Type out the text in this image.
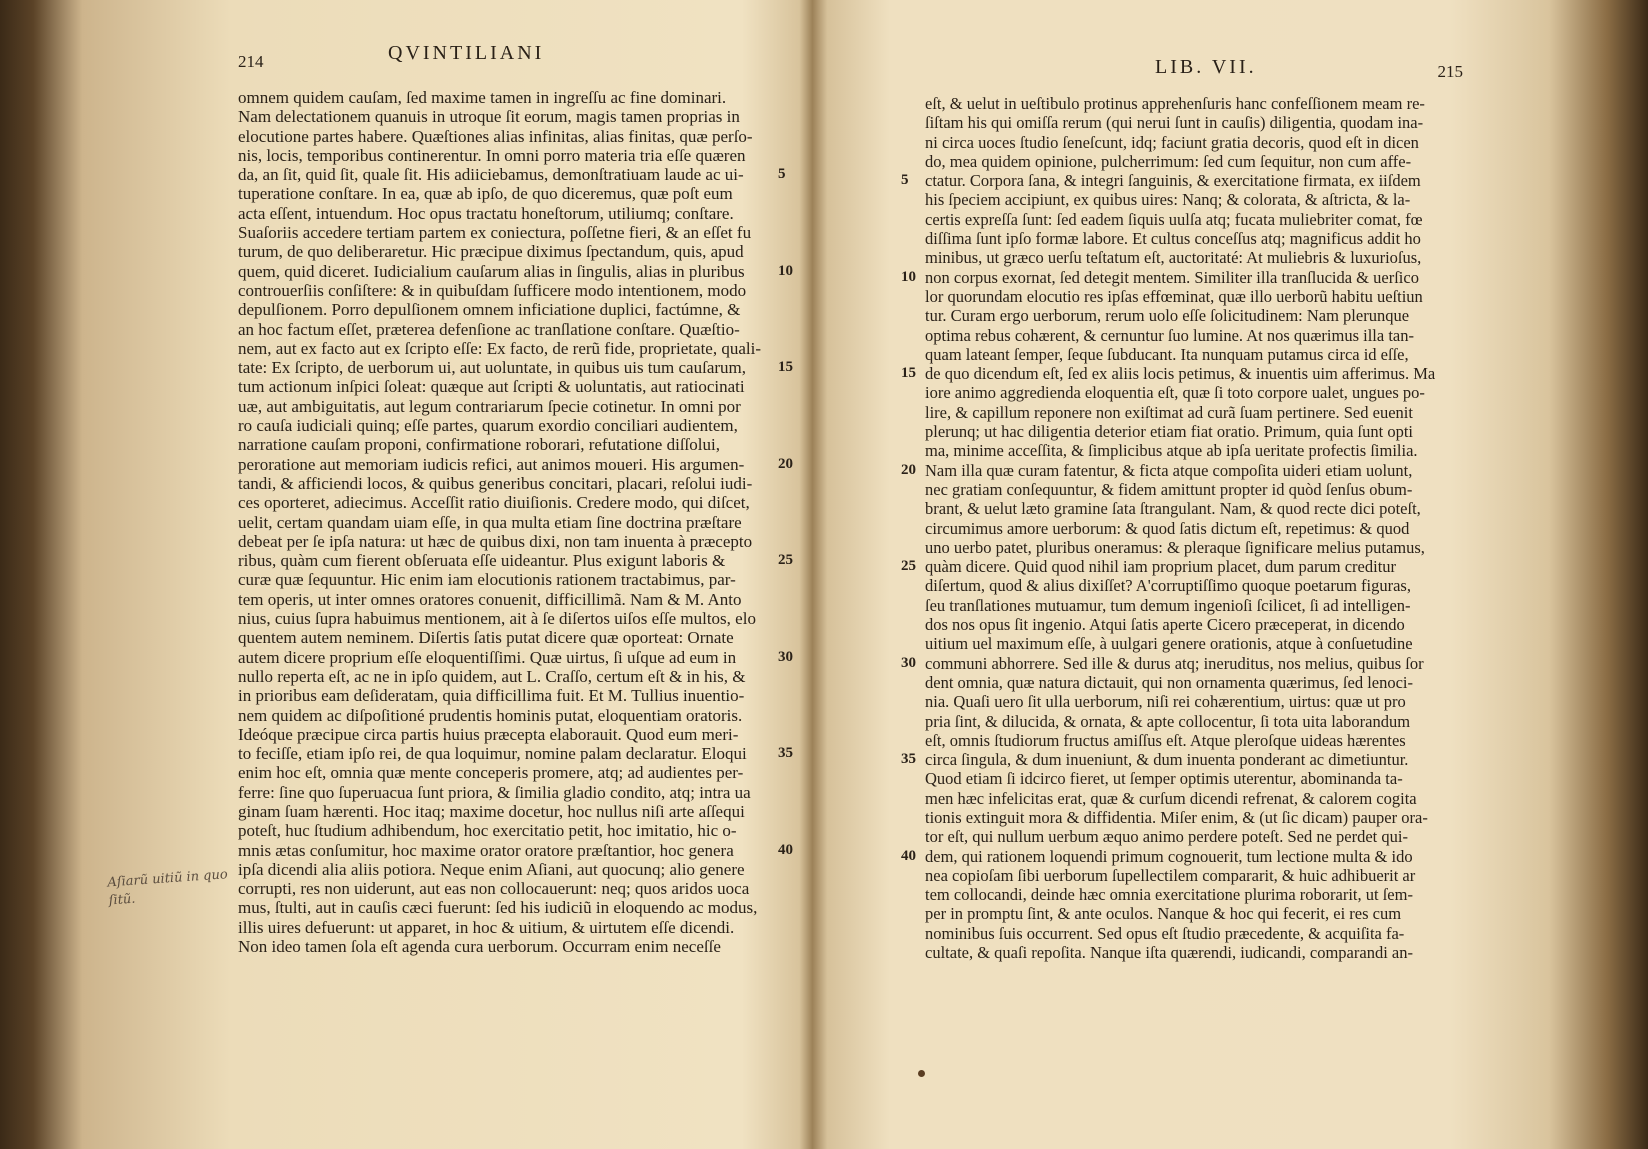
214	QVINTILIANI
omnem quidem cauſam, ſed maxime tamen in ingreſſu ac fine dominari.
Nam delectationem quanuis in utroque ſit eorum, magis tamen proprias in
elocutione partes habere. Quæſtiones alias infinitas, alias finitas, quæ perſo-
nis, locis, temporibus continerentur. In omni porro materia tria eſſe quæren
da, an ſit, quid ſit, quale ſit. His adiiciebamus, demonſtratiuam laude ac ui- 5
tuperatione conſtare. In ea, quæ ab ipſo, de quo diceremus, quæ poſt eum
acta eſſent, intuendum. Hoc opus tractatu honeſtorum, utiliumq; conſtare.
Suaſoriis accedere tertiam partem ex coniectura, poſſetne fieri, & an eſſet fu
turum, de quo deliberaretur. Hic præcipue diximus ſpectandum, quis, apud
quem, quid diceret. Iudicialium cauſarum alias in ſingulis, alias in pluribus 10
controuerſiis conſiſtere: & in quibuſdam ſufficere modo intentionem, modo
depulſionem. Porro depulſionem omnem inficiatione duplici, factúmne, &
an hoc factum eſſet, præterea defenſione ac tranſlatione conſtare. Quæſtio-
nem, aut ex facto aut ex ſcripto eſſe: Ex facto, de rerũ fide, proprietate, quali-
tate: Ex ſcripto, de uerborum ui, aut uoluntate, in quibus uis tum cauſarum, 15
tum actionum inſpici ſoleat: quæque aut ſcripti & uoluntatis, aut ratiocinati
uæ, aut ambiguitatis, aut legum contrariarum ſpecie cotinetur. In omni por
ro cauſa iudiciali quinq; eſſe partes, quarum exordio conciliari audientem,
narratione cauſam proponi, confirmatione roborari, refutatione diſſolui,
peroratione aut memoriam iudicis refici, aut animos moueri. His argumen- 20
tandi, & afficiendi locos, & quibus generibus concitari, placari, reſolui iudi-
ces oporteret, adiecimus. Acceſſit ratio diuiſionis. Credere modo, qui diſcet,
uelit, certam quandam uiam eſſe, in qua multa etiam ſine doctrina præſtare
debeat per ſe ipſa natura: ut hæc de quibus dixi, non tam inuenta à præcepto
ribus, quàm cum fierent obſeruata eſſe uideantur. Plus exigunt laboris &	25
curæ quæ ſequuntur. Hic enim iam elocutionis rationem tractabimus, par-
tem operis, ut inter omnes oratores conuenit, difficillimã. Nam & M. Anto
nius, cuius ſupra habuimus mentionem, ait à ſe diſertos uiſos eſſe multos, elo
quentem autem neminem. Diſertis ſatis putat dicere quæ oporteat: Ornate
autem dicere proprium eſſe eloquentiſſimi. Quæ uirtus, ſi uſque ad eum in	30
nullo reperta eſt, ac ne in ipſo quidem, aut L. Craſſo, certum eſt & in his, &
in prioribus eam deſideratam, quia difficillima fuit. Et M. Tullius inuentio-
nem quidem ac diſpoſitioné prudentis hominis putat, eloquentiam oratoris.
Ideóque præcipue circa partis huius præcepta elaborauit. Quod eum meri-
to feciſſe, etiam ipſo rei, de qua loquimur, nomine palam declaratur. Eloqui 35
enim hoc eſt, omnia quæ mente conceperis promere, atq; ad audientes per-
ferre: ſine quo ſuperuacua ſunt priora, & ſimilia gladio condito, atq; intra ua
ginam ſuam hærenti. Hoc itaq; maxime docetur, hoc nullus niſi arte aſſequi
poteſt, huc ſtudium adhibendum, hoc exercitatio petit, hoc imitatio, hic o-
mnis ætas conſumitur, hoc maxime orator oratore præſtantior, hoc genera	40
ipſa dicendi alia aliis potiora. Neque enim Aſiani, aut quocunq; alio genere
corrupti, res non uiderunt, aut eas non collocauerunt: neq; quos aridos uoca
mus, ſtulti, aut in cauſis cæci fuerunt: ſed his iudiciũ in eloquendo ac modus,
illis uires defuerunt: ut apparet, in hoc & uitium, & uirtutem eſſe dicendi.
Non ideo tamen ſola eſt agenda cura uerborum. Occurram enim neceſſe
LIB. VII.	215
eſt, & uelut in ueſtibulo protinus apprehenſuris hanc confeſſionem meam re-
ſiſtam his qui omiſſa rerum (qui nerui ſunt in cauſis) diligentia, quodam ina-
ni circa uoces ſtudio ſeneſcunt, idq; faciunt gratia decoris, quod eſt in dicen
do, mea quidem opinione, pulcherrimum: ſed cum ſequitur, non cum affe-
ctatur. Corpora ſana, & integri ſanguinis, & exercitatione firmata, ex iiſdem
5
his ſpeciem accipiunt, ex quibus uires: Nanq; & colorata, & aſtricta, & la-
certis expreſſa ſunt: ſed eadem ſiquis uulſa atq; fucata muliebriter comat, fœ
diſſima ſunt ipſo formæ labore. Et cultus conceſſus atq; magnificus addit ho
minibus, ut græco uerſu teſtatum eſt, auctoritaté: At muliebris & luxurioſus,
non corpus exornat, ſed detegit mentem. Similiter illa tranſlucida & uerſico
10
lor quorundam elocutio res ipſas effœminat, quæ illo uerborũ habitu ueſtiun
tur. Curam ergo uerborum, rerum uolo eſſe ſolicitudinem: Nam plerunque
optima rebus cohærent, & cernuntur ſuo lumine. At nos quærimus illa tan-
quam lateant ſemper, ſeque ſubducant. Ita nunquam putamus circa id eſſe,
de quo dicendum eſt, ſed ex aliis locis petimus, & inuentis uim afferimus. Ma
15
iore animo aggredienda eloquentia eſt, quæ ſi toto corpore ualet, ungues po-
lire, & capillum reponere non exiſtimat ad curã ſuam pertinere. Sed euenit
plerunq; ut hac diligentia deterior etiam fiat oratio. Primum, quia ſunt opti
ma, minime acceſſita, & ſimplicibus atque ab ipſa ueritate profectis ſimilia.
Nam illa quæ curam fatentur, & ficta atque compoſita uideri etiam uolunt,
20
nec gratiam conſequuntur, & fidem amittunt propter id quòd ſenſus obum-
brant, & uelut læto gramine ſata ſtrangulant. Nam, & quod recte dici poteſt,
circumimus amore uerborum: & quod ſatis dictum eſt, repetimus: & quod
uno uerbo patet, pluribus oneramus: & pleraque ſignificare melius putamus,
quàm dicere. Quid quod nihil iam proprium placet, dum parum creditur
25
diſertum, quod & alius dixiſſet? A'corruptiſſimo quoque poetarum figuras,
ſeu tranſlationes mutuamur, tum demum ingenioſi ſcilicet, ſi ad intelligen-
dos nos opus ſit ingenio. Atqui ſatis aperte Cicero præceperat, in dicendo
uitium uel maximum eſſe, à uulgari genere orationis, atque à conſuetudine
communi abhorrere. Sed ille & durus atq; ineruditus, nos melius, quibus ſor
30
dent omnia, quæ natura dictauit, qui non ornamenta quærimus, ſed lenoci-
nia. Quaſi uero ſit ulla uerborum, niſi rei cohærentium, uirtus: quæ ut pro
pria ſint, & dilucida, & ornata, & apte collocentur, ſi tota uita laborandum
eſt, omnis ſtudiorum fructus amiſſus eſt. Atque pleroſque uideas hærentes
circa ſingula, & dum inueniunt, & dum inuenta ponderant ac dimetiuntur.
35
Quod etiam ſi idcirco fieret, ut ſemper optimis uterentur, abominanda ta-
men hæc infelicitas erat, quæ & curſum dicendi refrenat, & calorem cogita
tionis extinguit mora & diffidentia. Miſer enim, & (ut ſic dicam) pauper ora-
tor eſt, qui nullum uerbum æquo animo perdere poteſt. Sed ne perdet qui-
dem, qui rationem loquendi primum cognouerit, tum lectione multa & ido
40
nea copioſam ſibi uerborum ſupellectilem compararit, & huic adhibuerit ar
tem collocandi, deinde hæc omnia exercitatione plurima roborarit, ut ſem-
per in promptu ſint, & ante oculos. Nanque & hoc qui fecerit, ei res cum
nominibus ſuis occurrent. Sed opus eſt ſtudio præcedente, & acquiſita fa-
cultate, & quaſi repoſita. Nanque iſta quærendi, iudicandi, comparandi an-
Aſiarũ uitiũ in quo ſitũ.
